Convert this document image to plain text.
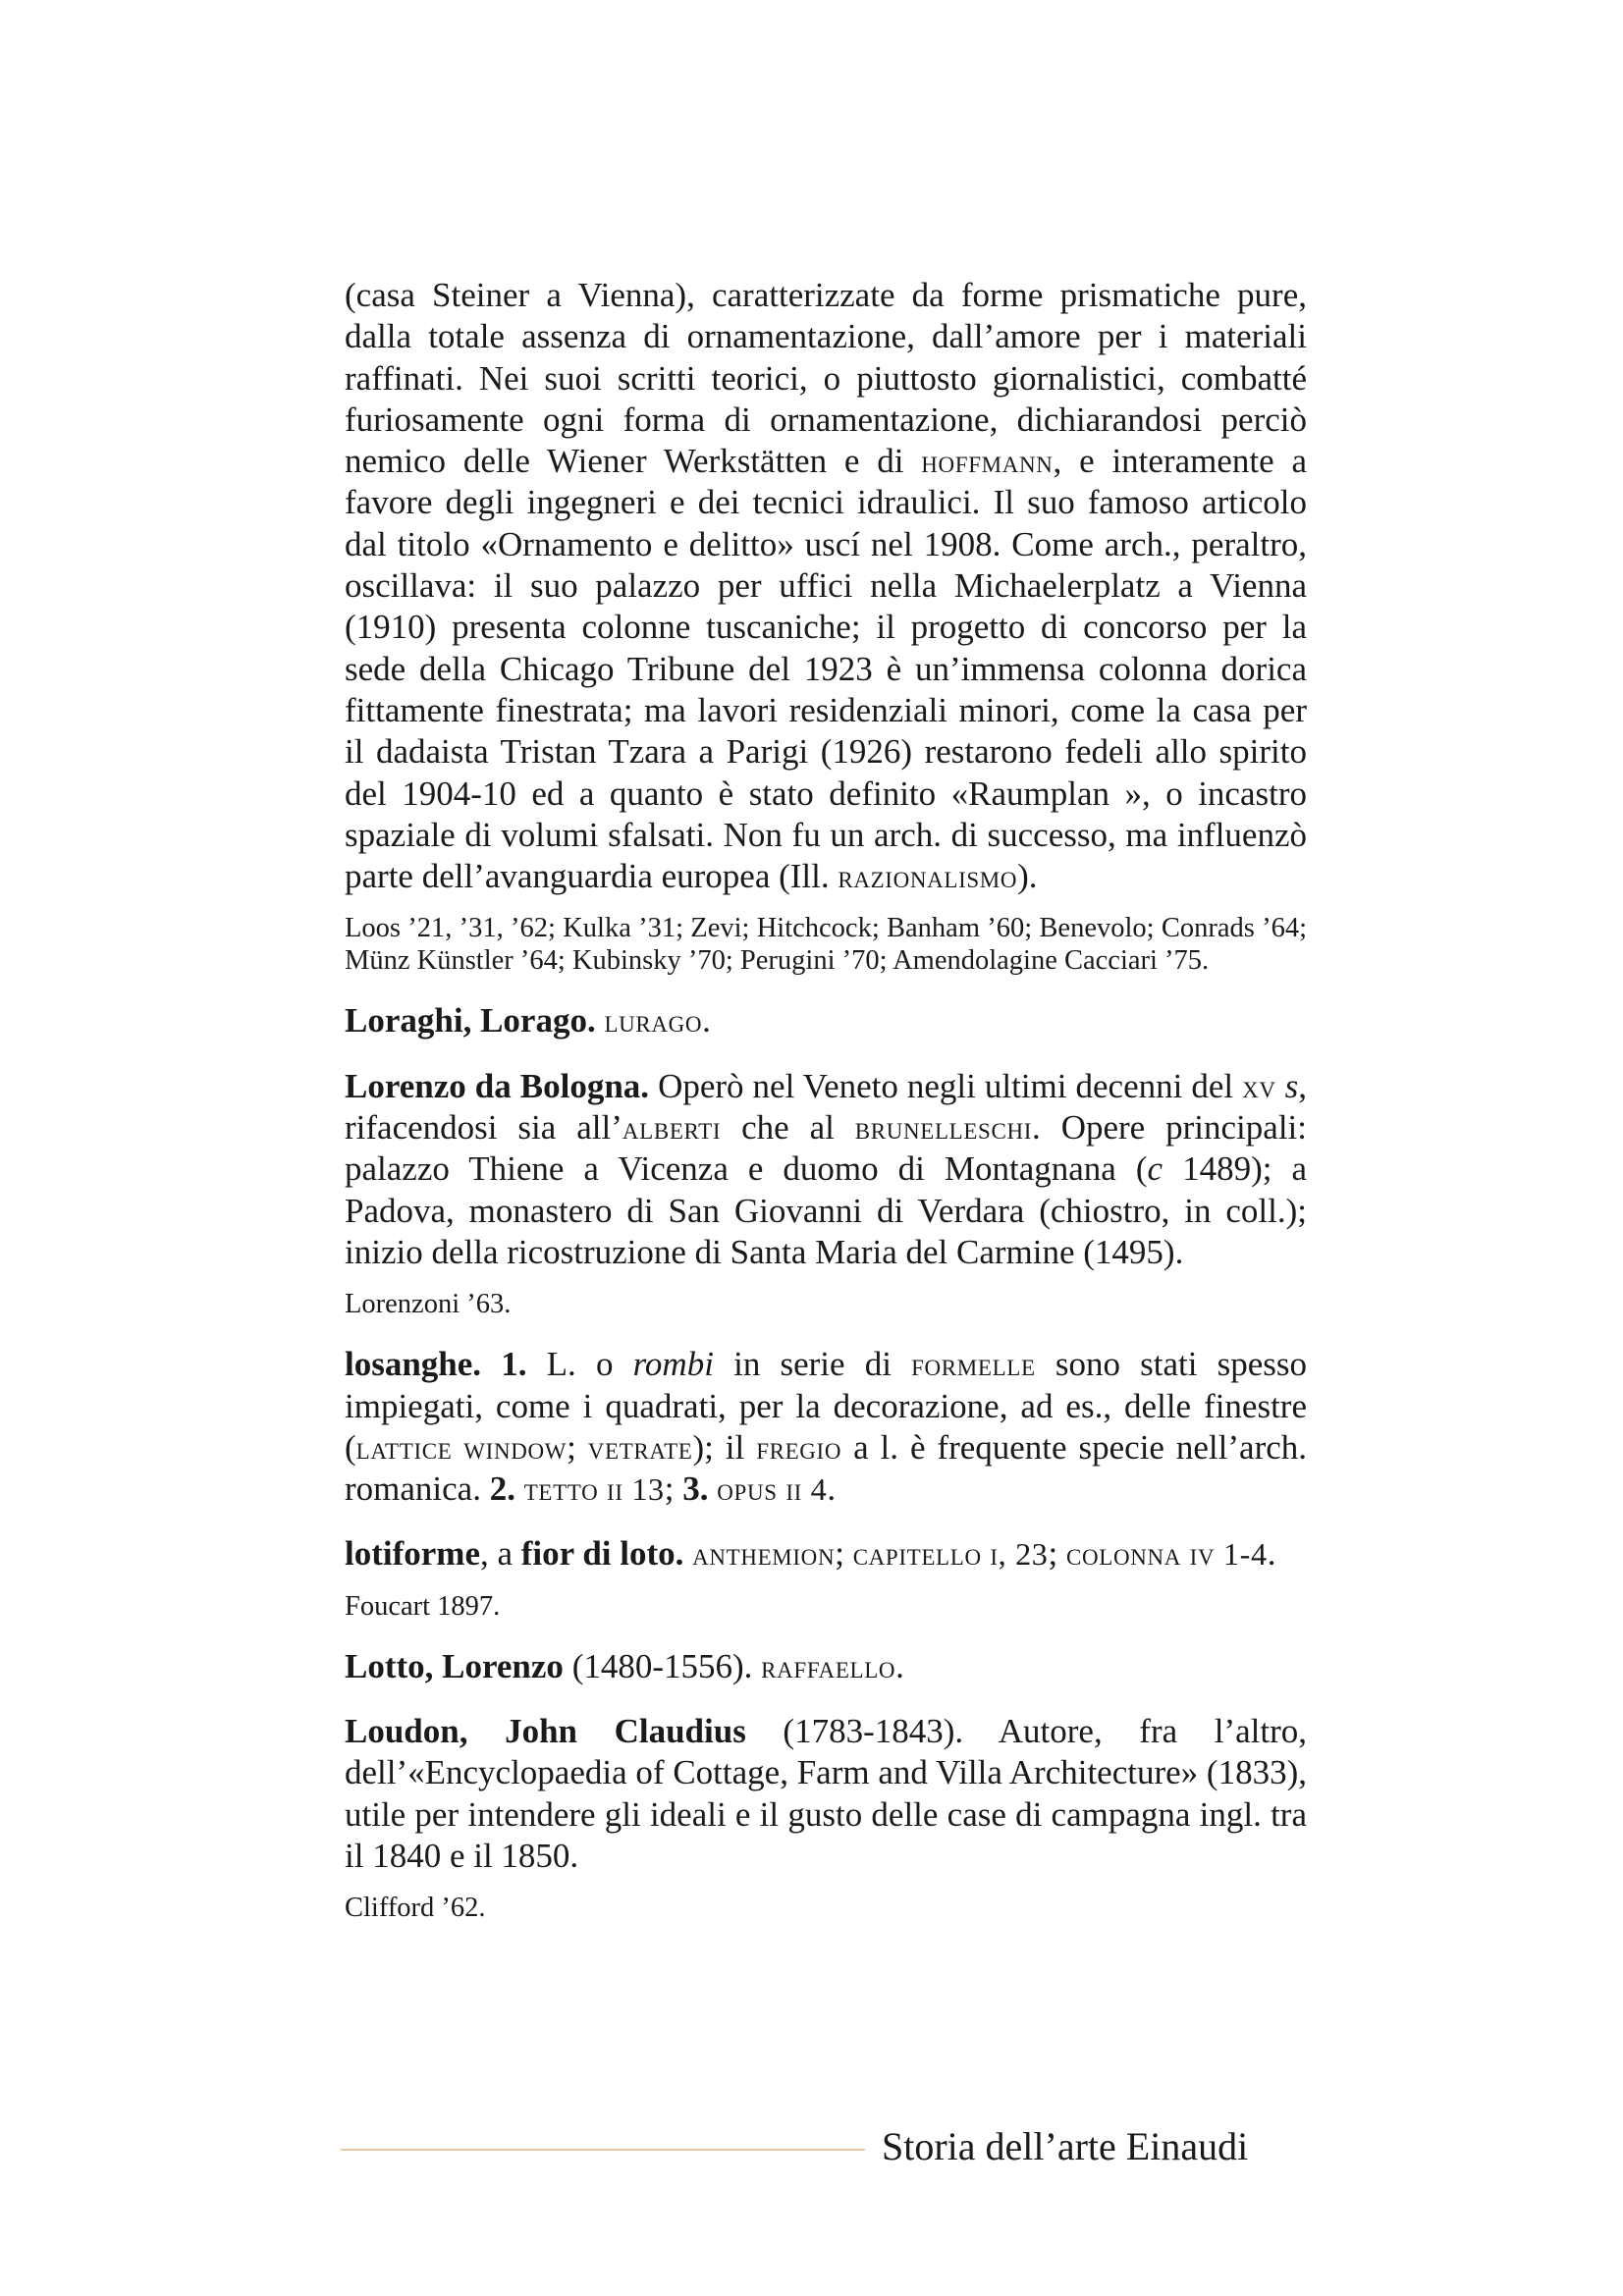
(casa Steiner a Vienna), caratterizzate da forme prismatiche pure, dalla totale assenza di ornamentazione, dall’amore per i materiali raffinati. Nei suoi scritti teorici, o piuttosto giornalistici, combatté furiosamente ogni forma di ornamentazione, dichiarandosi perciò nemico delle Wiener Werkstätten e di hoffmann, e interamente a favore degli ingegneri e dei tecnici idraulici. Il suo famoso articolo dal titolo «Ornamento e delitto» uscí nel 1908. Come arch., peraltro, oscillava: il suo palazzo per uffici nella Michaelerplatz a Vienna (1910) presenta colonne tuscaniche; il progetto di concorso per la sede della Chicago Tribune del 1923 è un’immensa colonna dorica fittamente finestrata; ma lavori residenziali minori, come la casa per il dadaista Tristan Tzara a Parigi (1926) restarono fedeli allo spirito del 1904-10 ed a quanto è stato definito «Raumplan », o incastro spaziale di volumi sfalsati. Non fu un arch. di successo, ma influenzò parte dell’avanguardia europea (Ill. razionalismo).

Loos ’21, ’31, ’62; Kulka ’31; Zevi; Hitchcock; Banham ’60; Benevolo; Conrads ’64; Münz Künstler ’64; Kubinsky ’70; Perugini ’70; Amendolagine Cacciari ’75.

Loraghi, Lorago. lurago.

Lorenzo da Bologna. Operò nel Veneto negli ultimi decenni del xv s, rifacendosi sia all’alberti che al brunelleschi. Opere principali: palazzo Thiene a Vicenza e duomo di Montagnana (c 1489); a Padova, monastero di San Giovanni di Verdara (chiostro, in coll.); inizio della ricostruzione di Santa Maria del Carmine (1495).

Lorenzoni ’63.

losanghe. 1. L. o rombi in serie di formelle sono stati spesso impiegati, come i quadrati, per la decorazione, ad es., delle finestre (lattice window; vetrate); il fregio a l. è frequente specie nell’arch. romanica. 2. tetto ii 13; 3. opus ii 4.

lotiforme, a fior di loto. anthemion; capitello i, 23; colonna iv 1-4.

Foucart 1897.

Lotto, Lorenzo (1480-1556). raffaello.

Loudon, John Claudius (1783-1843). Autore, fra l’altro, dell’«Encyclopaedia of Cottage, Farm and Villa Architecture» (1833), utile per intendere gli ideali e il gusto delle case di campagna ingl. tra il 1840 e il 1850.

Clifford ’62.

Storia dell’arte Einaudi
